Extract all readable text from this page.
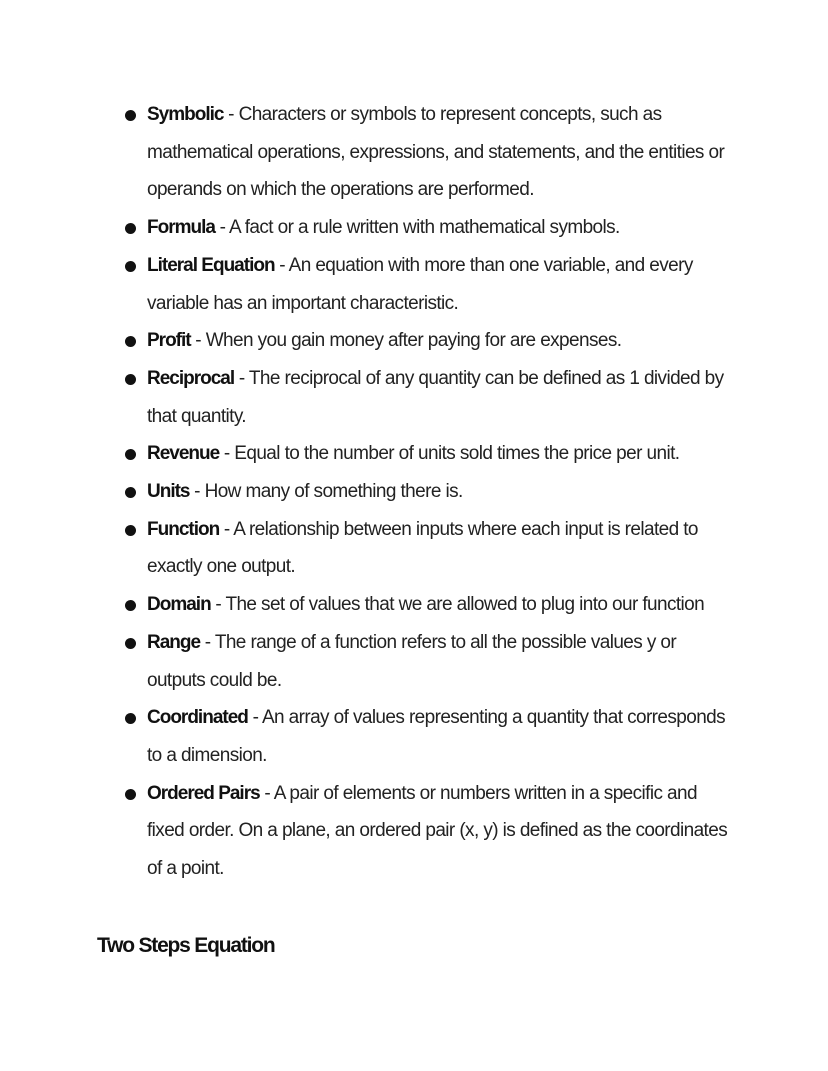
Symbolic - Characters or symbols to represent concepts, such as mathematical operations, expressions, and statements, and the entities or operands on which the operations are performed.
Formula - A fact or a rule written with mathematical symbols.
Literal Equation - An equation with more than one variable, and every variable has an important characteristic.
Profit - When you gain money after paying for are expenses.
Reciprocal - The reciprocal of any quantity can be defined as 1 divided by that quantity.
Revenue - Equal to the number of units sold times the price per unit.
Units - How many of something there is.
Function - A relationship between inputs where each input is related to exactly one output.
Domain - The set of values that we are allowed to plug into our function
Range - The range of a function refers to all the possible values y or outputs could be.
Coordinated - An array of values representing a quantity that corresponds to a dimension.
Ordered Pairs - A pair of elements or numbers written in a specific and fixed order. On a plane, an ordered pair (x, y) is defined as the coordinates of a point.
Two Steps Equation
